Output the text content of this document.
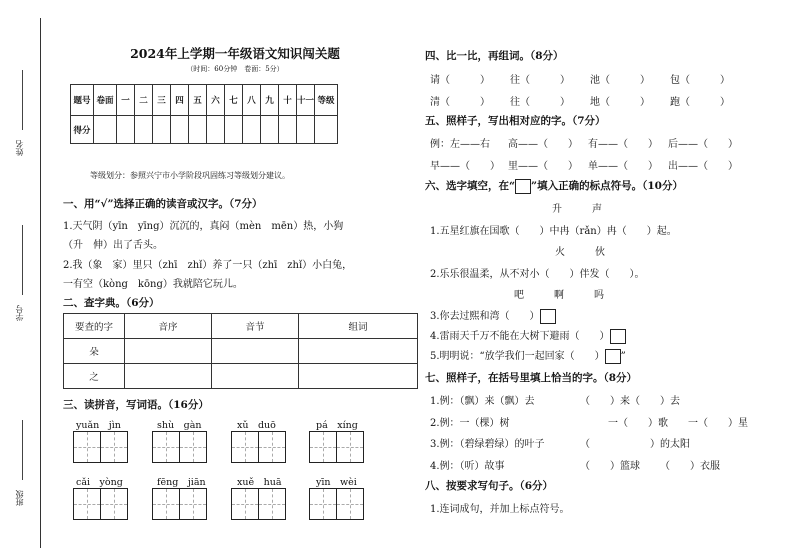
姓名
学号
班级
2024年上学期一年级语文知识闯关题
（时间：60分钟　卷面：5分）
题号	卷面	一	二	三	四	五	六	七	八	九	十	十一	等级
得分													
等级划分：参照兴宁市小学阶段巩固练习等级划分建议。
一、用“√”选择正确的读音或汉字。（7分）
1.天气阴（yīn　yīng）沉沉的，真闷（mèn　mēn）热，小狗
（升　伸）出了舌头。
2.我（象　家）里只（zhī　zhǐ）养了一只（zhī　zhǐ）小白兔，
一有空（kòng　kōng）我就陪它玩儿。
二、查字典。（6分）
要查的字	音序	音节	组词
朵			
之			
三、读拼音，写词语。（16分）
yuǎn　jìn	shù　gàn	xǔ　duō	pá　xíng
cǎi　yòng	fēng　jiān	xuě　huā	yīn　wèi
四、比一比，再组词。（8分）
请（　　　） 往（　　　） 池（　　　） 包（　　　）
清（　　　） 往（　　　） 地（　　　） 跑（　　　）
五、照样子，写出相对应的字。（7分）
例：左——右 高——（　　） 有——（　　） 后——（　　）
早——（　　） 里——（　　） 单——（　　） 出——（　　）
六、选字填空，在“ ”填入正确的标点符号。（10分）
升　　　声
1.五星红旗在国歌（　　）中冉（rǎn）冉（　　）起。
火　　　伙
2.乐乐很温柔，从不对小（　　）伴发（　　）。
吧　　　啊　　　吗
3.你去过熙和湾（　　）
4.雷雨天千万不能在大树下避雨（　　）
5.明明说：“放学我们一起回家（　　） ”
七、照样子，在括号里填上恰当的字。（8分）
1.例：（飘）来（飘）去	（　　）来（　　）去
2.例：一（棵）树	一（　　）歌 一（　　）星
3.例：（碧绿碧绿）的叶子	（　　　　　　）的太阳
4.例：（听）故事	（　　）篮球 （　　）衣服
八、按要求写句子。（6分）
1.连词成句，并加上标点符号。
